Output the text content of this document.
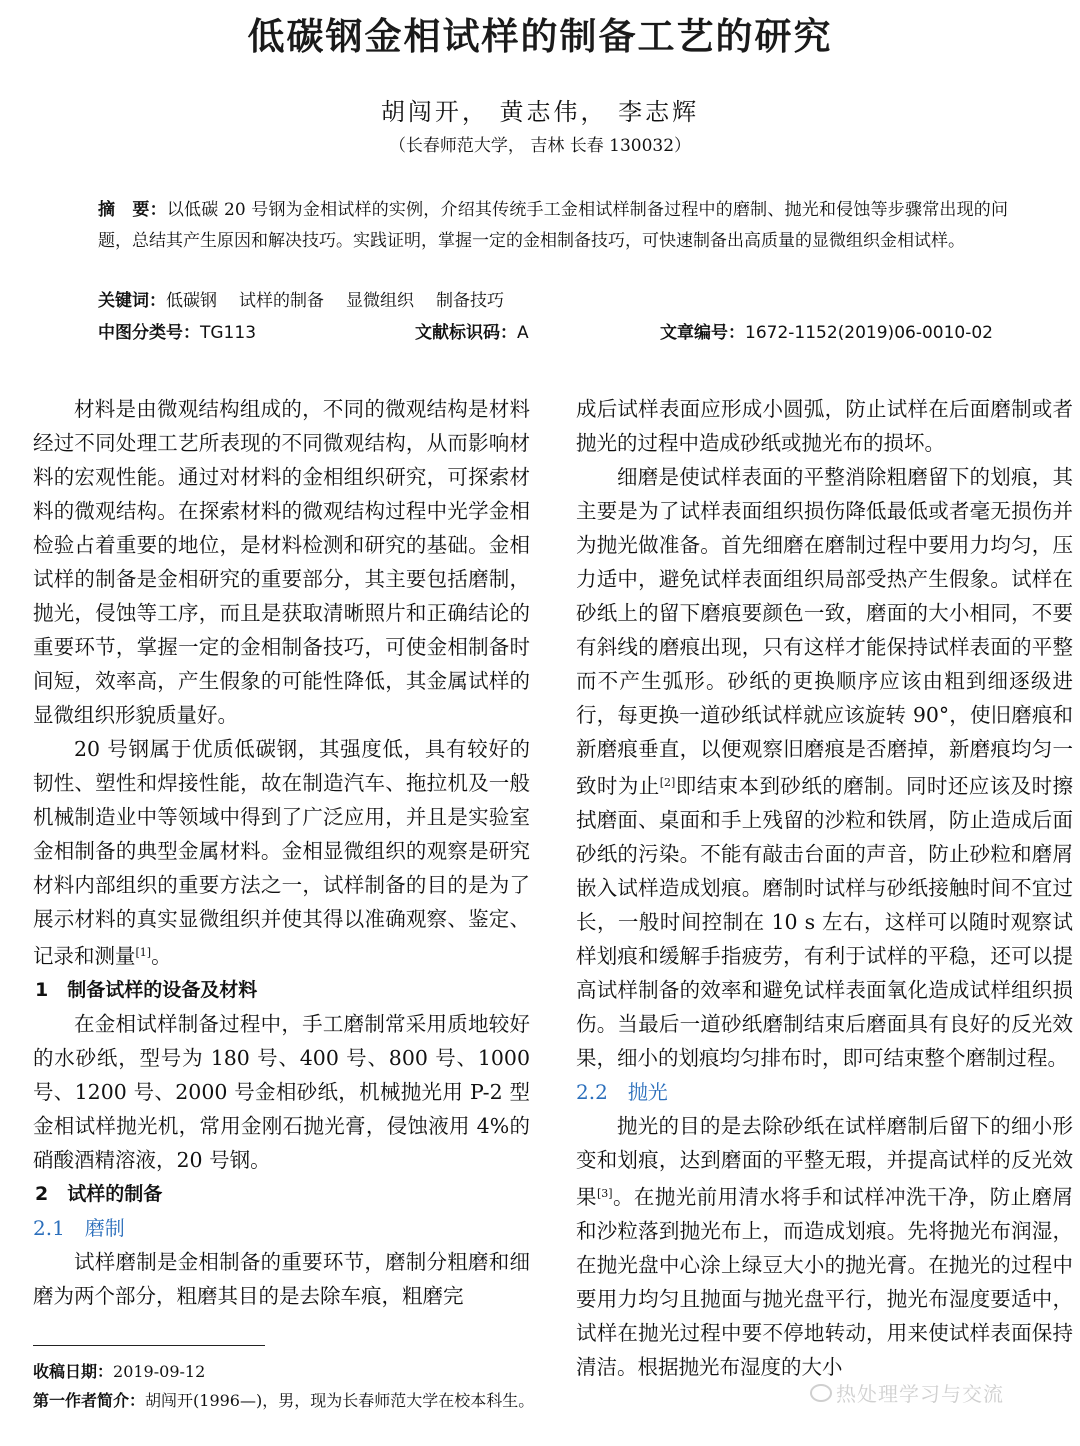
低碳钢金相试样的制备工艺的研究
胡闯开， 黄志伟， 李志辉
（长春师范大学， 吉林 长春 130032）
摘　要：以低碳 20 号钢为金相试样的实例，介绍其传统手工金相试样制备过程中的磨制、抛光和侵蚀等步骤常出现的问题，总结其产生原因和解决技巧。实践证明，掌握一定的金相制备技巧，可快速制备出高质量的显微组织金相试样。
关键词：低碳钢 试样的制备 显微组织 制备技巧
中图分类号：TG113	文献标识码：A	文章编号：1672-1152(2019)06-0010-02

材料是由微观结构组成的，不同的微观结构是材料经过不同处理工艺所表现的不同微观结构，从而影响材料的宏观性能。通过对材料的金相组织研究，可探索材料的微观结构。在探索材料的微观结构过程中光学金相检验占着重要的地位，是材料检测和研究的基础。金相试样的制备是金相研究的重要部分，其主要包括磨制，抛光，侵蚀等工序，而且是获取清晰照片和正确结论的重要环节，掌握一定的金相制备技巧，可使金相制备时间短，效率高，产生假象的可能性降低，其金属试样的显微组织形貌质量好。

20 号钢属于优质低碳钢，其强度低，具有较好的韧性、塑性和焊接性能，故在制造汽车、拖拉机及一般机械制造业中等领域中得到了广泛应用，并且是实验室金相制备的典型金属材料。金相显微组织的观察是研究材料内部组织的重要方法之一，试样制备的目的是为了展示材料的真实显微组织并使其得以准确观察、鉴定、记录和测量[1]。

1　制备试样的设备及材料

在金相试样制备过程中，手工磨制常采用质地较好的水砂纸，型号为 180 号、400 号、800 号、1000 号、1200 号、2000 号金相砂纸，机械抛光用 P-2 型金相试样抛光机，常用金刚石抛光膏，侵蚀液用 4%的硝酸酒精溶液，20 号钢。

2　试样的制备
2.1 磨制

试样磨制是金相制备的重要环节，磨制分粗磨和细磨为两个部分，粗磨其目的是去除车痕，粗磨完

成后试样表面应形成小圆弧，防止试样在后面磨制或者抛光的过程中造成砂纸或抛光布的损坏。

细磨是使试样表面的平整消除粗磨留下的划痕，其主要是为了试样表面组织损伤降低最低或者毫无损伤并为抛光做准备。首先细磨在磨制过程中要用力均匀，压力适中，避免试样表面组织局部受热产生假象。试样在砂纸上的留下磨痕要颜色一致，磨面的大小相同，不要有斜线的磨痕出现，只有这样才能保持试样表面的平整而不产生弧形。砂纸的更换顺序应该由粗到细逐级进行，每更换一道砂纸试样就应该旋转 90°，使旧磨痕和新磨痕垂直，以便观察旧磨痕是否磨掉，新磨痕均匀一致时为止[2]即结束本到砂纸的磨制。同时还应该及时擦拭磨面、桌面和手上残留的沙粒和铁屑，防止造成后面砂纸的污染。不能有敲击台面的声音，防止砂粒和磨屑嵌入试样造成划痕。磨制时试样与砂纸接触时间不宜过长，一般时间控制在 10 s 左右，这样可以随时观察试样划痕和缓解手指疲劳，有利于试样的平稳，还可以提高试样制备的效率和避免试样表面氧化造成试样组织损伤。当最后一道砂纸磨制结束后磨面具有良好的反光效果，细小的划痕均匀排布时，即可结束整个磨制过程。

2.2 抛光

抛光的目的是去除砂纸在试样磨制后留下的细小形变和划痕，达到磨面的平整无瑕，并提高试样的反光效果[3]。在抛光前用清水将手和试样冲洗干净，防止磨屑和沙粒落到抛光布上，而造成划痕。先将抛光布润湿，在抛光盘中心涂上绿豆大小的抛光膏。在抛光的过程中要用力均匀且抛面与抛光盘平行，抛光布湿度要适中，试样在抛光过程中要不停地转动，用来使试样表面保持清洁。根据抛光布湿度的大小

收稿日期：2019-09-12
第一作者简介：胡闯开(1996—)，男，现为长春师范大学在校本科生。	热处理学习与交流
